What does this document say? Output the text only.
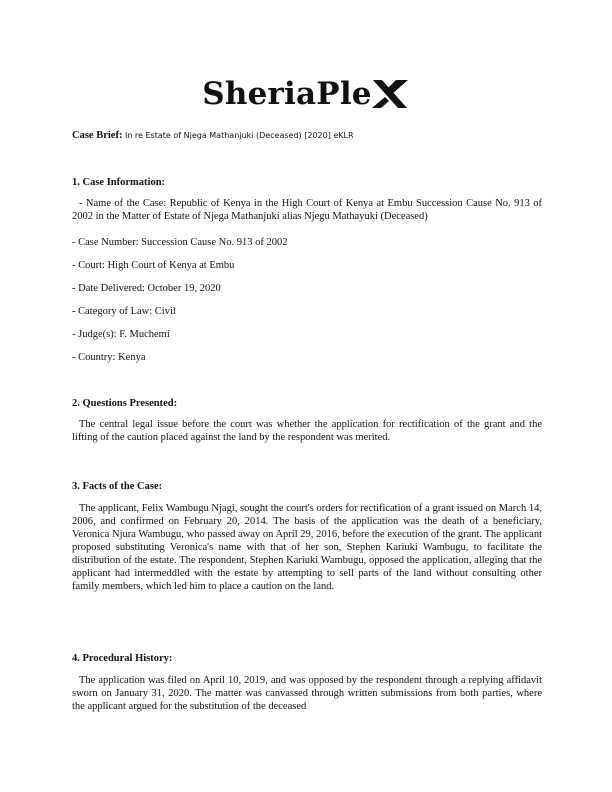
SheriaPle
Case Brief: In re Estate of Njega Mathanjuki (Deceased) [2020] eKLR

1. Case Information:

- Name of the Case: Republic of Kenya in the High Court of Kenya at Embu Succession Cause No. 913 of 2002 in the Matter of Estate of Njega Mathanjuki alias Njegu Mathayuki (Deceased)

- Case Number: Succession Cause No. 913 of 2002
- Court: High Court of Kenya at Embu
- Date Delivered: October 19, 2020
- Category of Law: Civil
- Judge(s): F. Muchemi
- Country: Kenya

2. Questions Presented:

The central legal issue before the court was whether the application for rectification of the grant and the lifting of the caution placed against the land by the respondent was merited.

3. Facts of the Case:

The applicant, Felix Wambugu Njagi, sought the court's orders for rectification of a grant issued on March 14, 2006, and confirmed on February 20, 2014. The basis of the application was the death of a beneficiary, Veronica Njura Wambugu, who passed away on April 29, 2016, before the execution of the grant. The applicant proposed substituting Veronica's name with that of her son, Stephen Kariuki Wambugu, to facilitate the distribution of the estate. The respondent, Stephen Kariuki Wambugu, opposed the application, alleging that the applicant had intermeddled with the estate by attempting to sell parts of the land without consulting other family members, which led him to place a caution on the land.

4. Procedural History:

The application was filed on April 10, 2019, and was opposed by the respondent through a replying affidavit sworn on January 31, 2020. The matter was canvassed through written submissions from both parties, where the applicant argued for the substitution of the deceased
